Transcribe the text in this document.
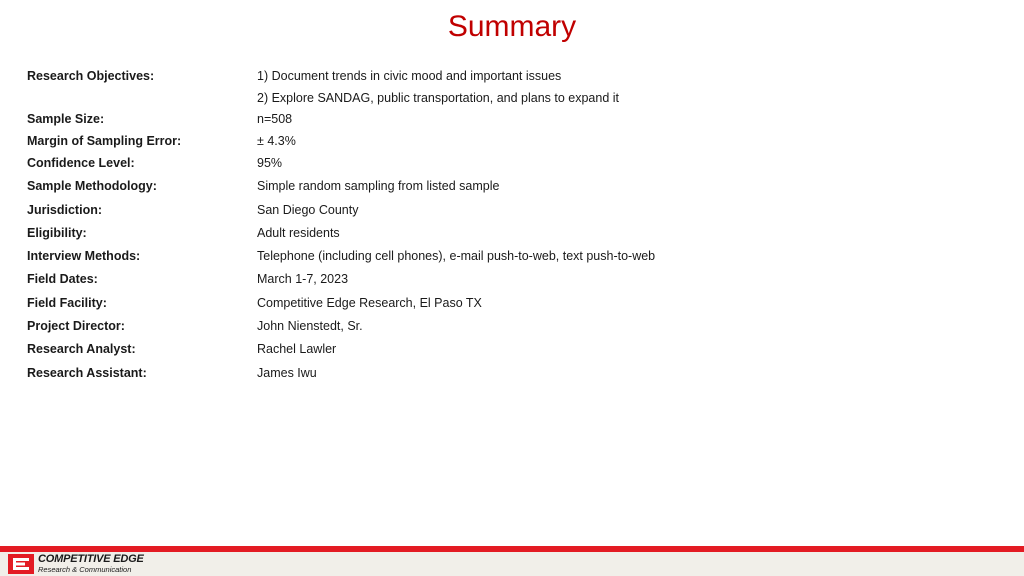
Summary
Research Objectives:	1) Document trends in civic mood and important issues
2) Explore SANDAG, public transportation, and plans to expand it
Sample Size:	n=508
Margin of Sampling Error:	± 4.3%
Confidence Level:	95%
Sample Methodology:	Simple random sampling from listed sample
Jurisdiction:	San Diego County
Eligibility:	Adult residents
Interview Methods:	Telephone (including cell phones), e-mail push-to-web, text push-to-web
Field Dates:	March 1-7, 2023
Field Facility:	Competitive Edge Research, El Paso TX
Project Director:	John Nienstedt, Sr.
Research Analyst:	Rachel Lawler
Research Assistant:	James Iwu
COMPETITIVE EDGE
Research & Communication
